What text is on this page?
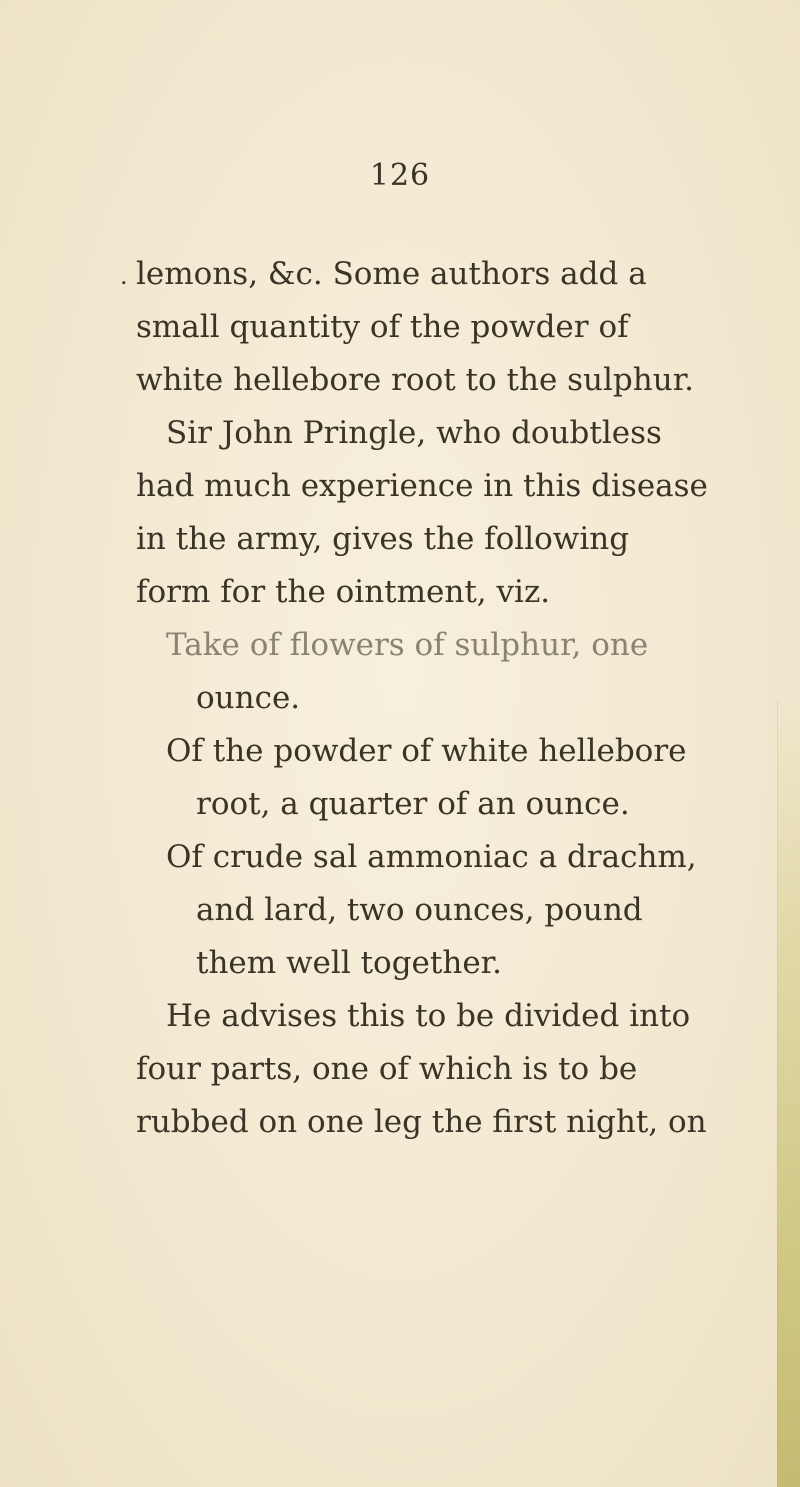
126
. lemons, &c. Some authors add a
small quantity of the powder of
white hellebore root to the sulphur.
Sir John Pringle, who doubtless
had much experience in this disease
in the army, gives the following
form for the ointment, viz.
Take of flowers of sulphur, one
ounce.
Of the powder of white hellebore
root, a quarter of an ounce.
Of crude sal ammoniac a drachm,
and lard, two ounces, pound
them well together.
He advises this to be divided into
four parts, one of which is to be
rubbed on one leg the first night, on
